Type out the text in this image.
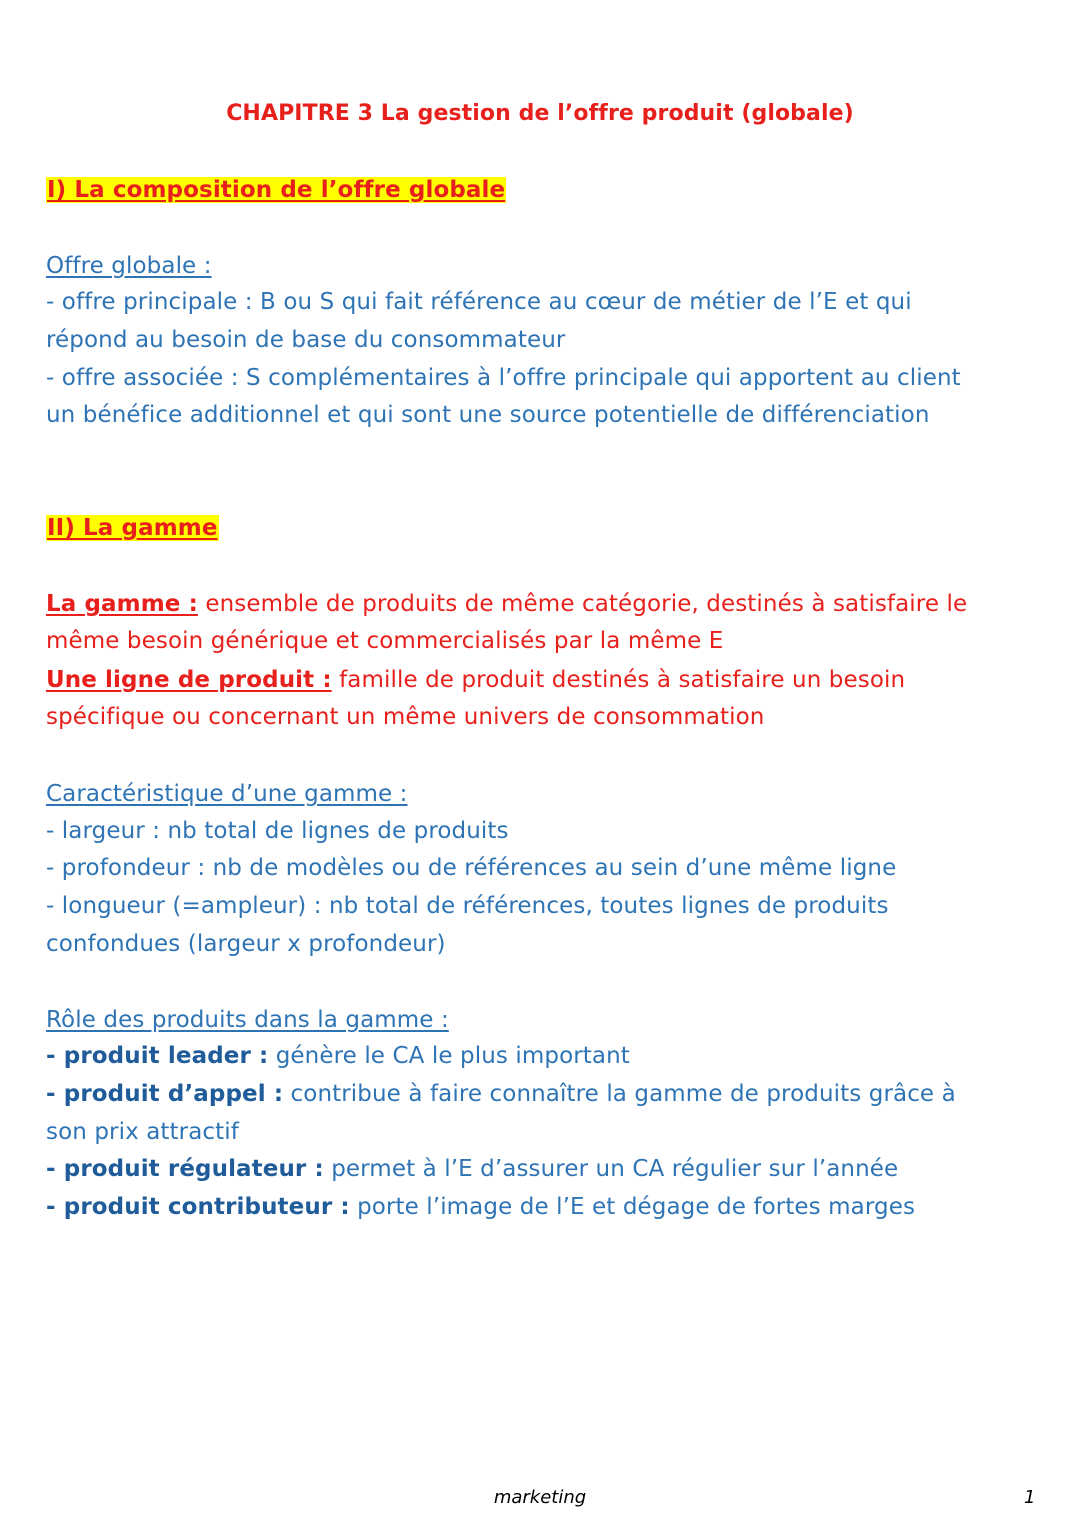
CHAPITRE 3 La gestion de l’offre produit (globale)
I) La composition de l’offre globale
Offre globale :
- offre principale : B ou S qui fait référence au cœur de métier de l’E et qui
répond au besoin de base du consommateur
- offre associée : S complémentaires à l’offre principale qui apportent au client
un bénéfice additionnel et qui sont une source potentielle de différenciation
II) La gamme
La gamme : ensemble de produits de même catégorie, destinés à satisfaire le
même besoin générique et commercialisés par la même E
Une ligne de produit : famille de produit destinés à satisfaire un besoin
spécifique ou concernant un même univers de consommation
Caractéristique d’une gamme :
- largeur : nb total de lignes de produits
- profondeur : nb de modèles ou de références au sein d’une même ligne
- longueur (=ampleur) : nb total de références, toutes lignes de produits
confondues (largeur x profondeur)
Rôle des produits dans la gamme :
- produit leader : génère le CA le plus important
- produit d’appel : contribue à faire connaître la gamme de produits grâce à
son prix attractif
- produit régulateur : permet à l’E d’assurer un CA régulier sur l’année
- produit contributeur : porte l’image de l’E et dégage de fortes marges
marketing	1
